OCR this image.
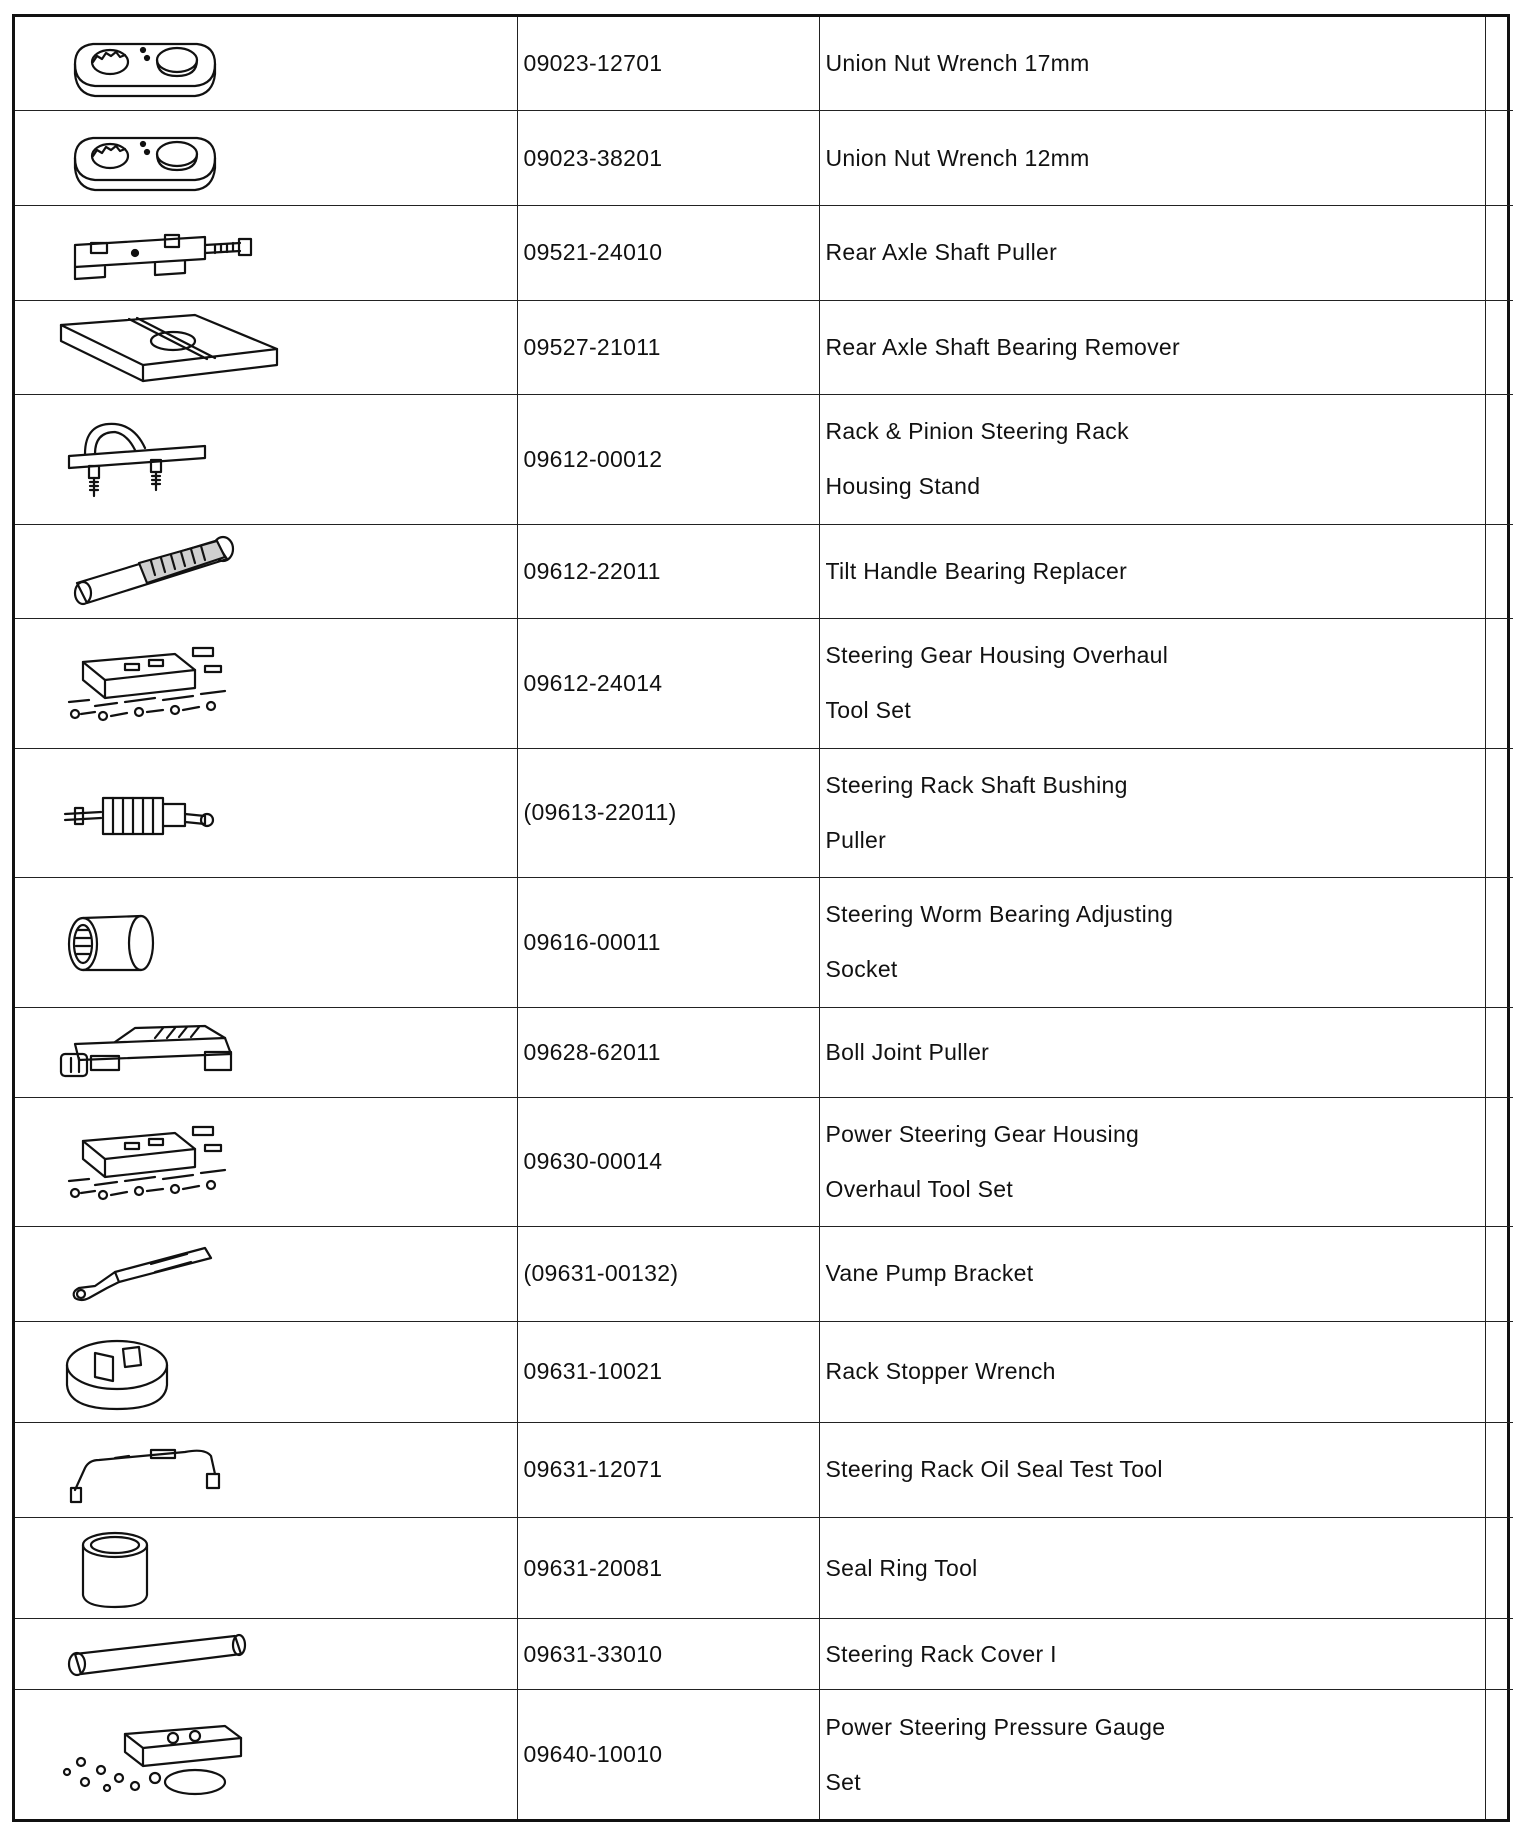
	09023-12701	Union Nut Wrench 17mm	

	09023-38201	Union Nut Wrench 12mm	

	09521-24010	Rear Axle Shaft Puller	

	09527-21011	Rear Axle Shaft Bearing Remover	

	09612-00012	Rack & Pinion Steering Rack
Housing Stand	

	09612-22011	Tilt Handle Bearing Replacer	

	09612-24014	Steering Gear Housing Overhaul
Tool Set	

	(09613-22011)	Steering Rack Shaft Bushing
Puller	

	09616-00011	Steering Worm Bearing Adjusting
Socket	

	09628-62011	Boll Joint Puller	

	09630-00014	Power Steering Gear Housing
Overhaul Tool Set	

	(09631-00132)	Vane Pump Bracket	

	09631-10021	Rack Stopper Wrench	

	09631-12071	Steering Rack Oil Seal Test Tool	

	09631-20081	Seal Ring Tool	

	09631-33010	Steering Rack Cover I	

	09640-10010	Power Steering Pressure Gauge
Set	
